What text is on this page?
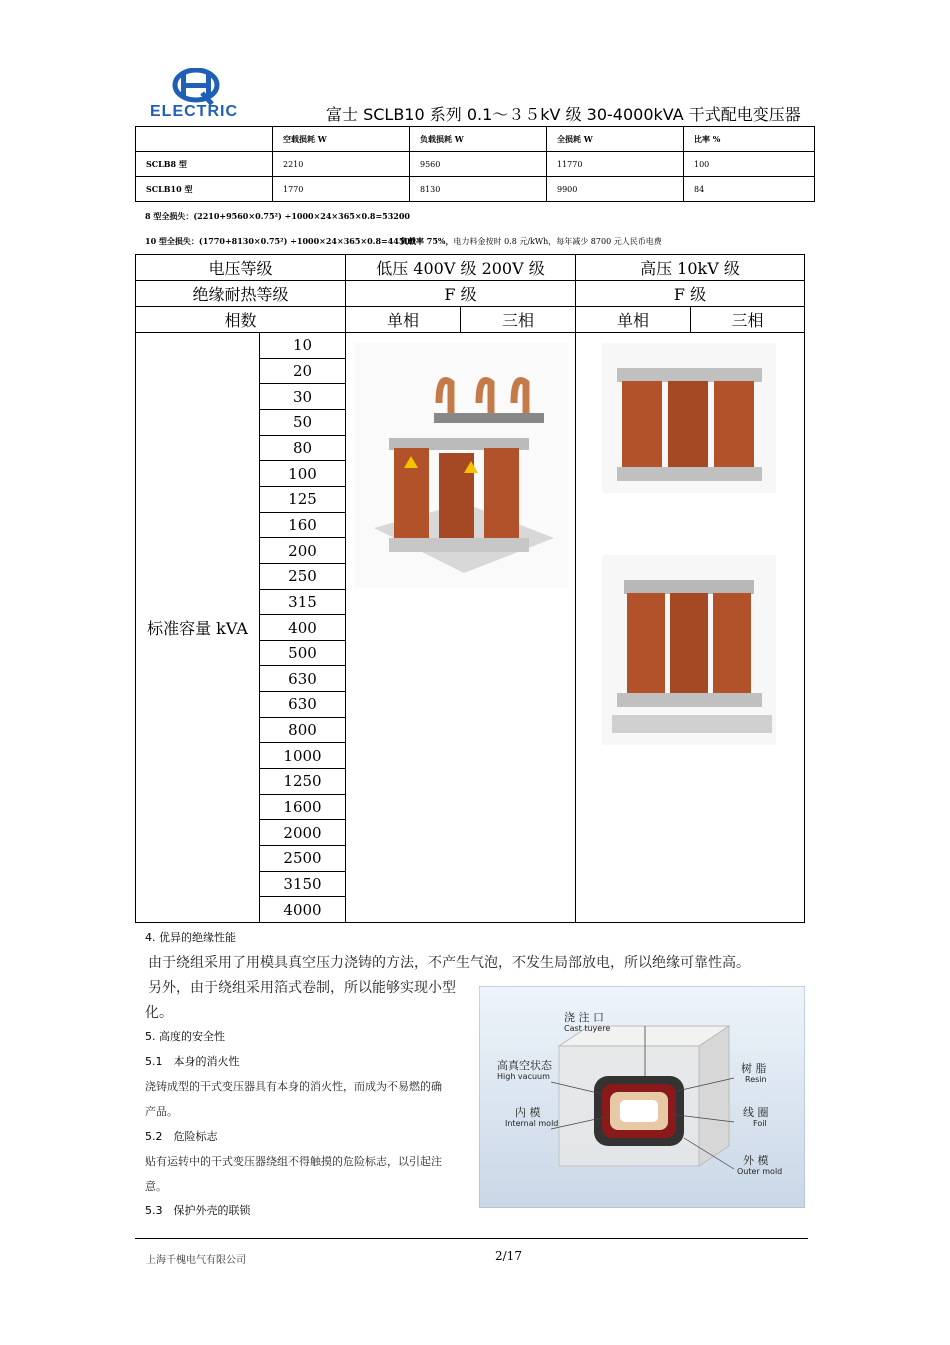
ELECTRIC	富士 SCLB10 系列 0.1～３５kV 级 30-4000kVA 干式配电变压器
	空载损耗 W	负载损耗 W	全损耗 W	比率 %
SCLB8 型	2210	9560	11770	100
SCLB10 型	1770	8130	9900	84
8 型全损失：(2210+9560×0.75²) ÷1000×24×365×0.8=53200
10 型全损失：(1770+8130×0.75²) ÷1000×24×365×0.8=44500
负载率 75%，电力料金按时 0.8 元/kWh，每年减少 8700 元人民币电费
电压等级		低压 400V 级 200V 级		高压 10kV 级	
绝缘耐热等级		F 级		F 级	
相数		单相	三相	单相	三相
标准容量 kVA	10	

	20				
	30				
	50				
	80				
	100				
	125				
	160				
	200				
	250				
	315				
	400				
	500				
	630				
	630				
	800				
	1000				
	1250				
	1600				
	2000				
	2500				
	3150				
	4000				
4. 优异的绝缘性能
由于绕组采用了用模具真空压力浇铸的方法，不产生气泡，不发生局部放电，所以绝缘可靠性高。
另外，由于绕组采用箔式卷制，所以能够实现小型
化。
5. 高度的安全性
5.1　本身的消火性
浇铸成型的干式变压器具有本身的消火性，而成为不易燃的确
产品。
5.2　危险标志
贴有运转中的干式变压器绕组不得触摸的危险标志，以引起注
意。
5.3　保护外壳的联锁
浇 注 口
Cast tuyere
高真空状态
High vacuum
树 脂
Resin
内 模
Internal mold
线 圈
Foil
外 模
Outer mold
上海千槐电气有限公司	2/17
